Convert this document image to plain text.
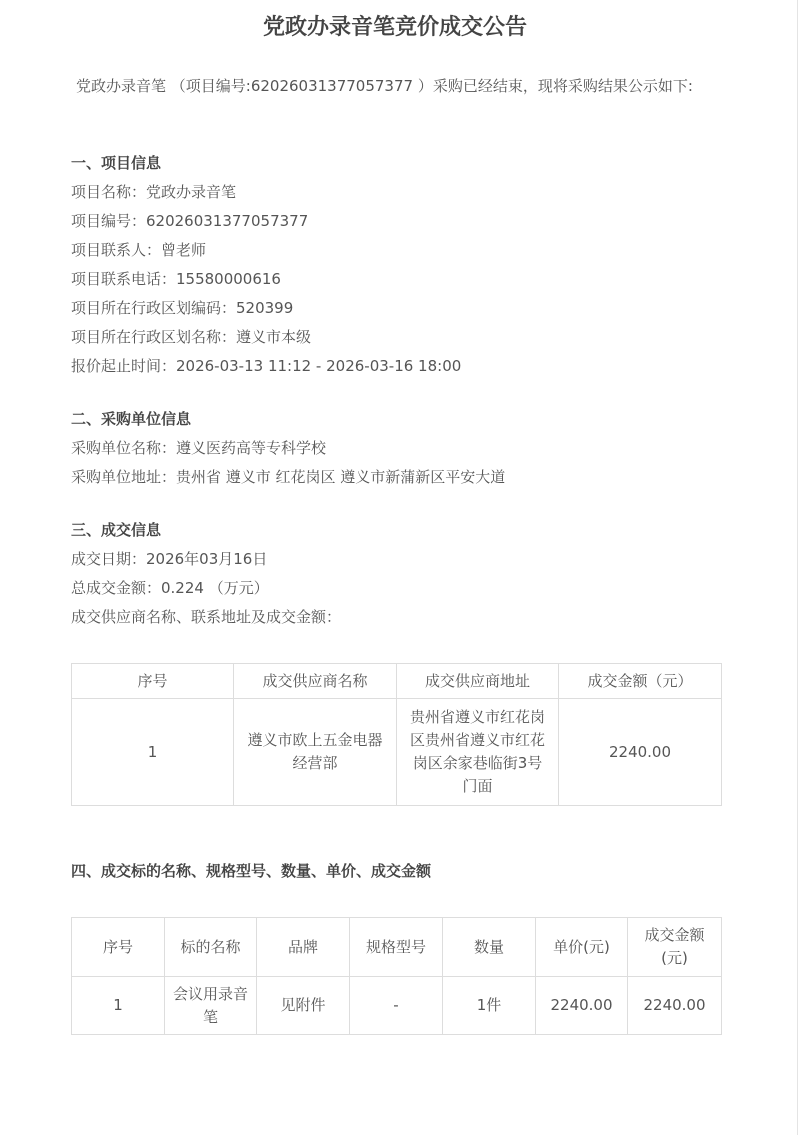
党政办录音笔竞价成交公告
党政办录音笔 （项目编号:62026031377057377 ）采购已经结束，现将采购结果公示如下:
一、项目信息
项目名称：党政办录音笔
项目编号：62026031377057377
项目联系人：曾老师
项目联系电话：15580000616
项目所在行政区划编码：520399
项目所在行政区划名称：遵义市本级
报价起止时间：2026-03-13 11:12 - 2026-03-16 18:00
二、采购单位信息
采购单位名称：遵义医药高等专科学校
采购单位地址：贵州省 遵义市 红花岗区 遵义市新蒲新区平安大道
三、成交信息
成交日期：2026年03月16日
总成交金额：0.224 （万元）
成交供应商名称、联系地址及成交金额：
序号	成交供应商名称	成交供应商地址	成交金额（元）
1	遵义市欧上五金电器经营部	贵州省遵义市红花岗区贵州省遵义市红花岗区余家巷临街3号门面	2240.00
四、成交标的名称、规格型号、数量、单价、成交金额
序号	标的名称	品牌	规格型号	数量	单价(元)	成交金额(元)
1	会议用录音笔	见附件	-	1件	2240.00	2240.00
